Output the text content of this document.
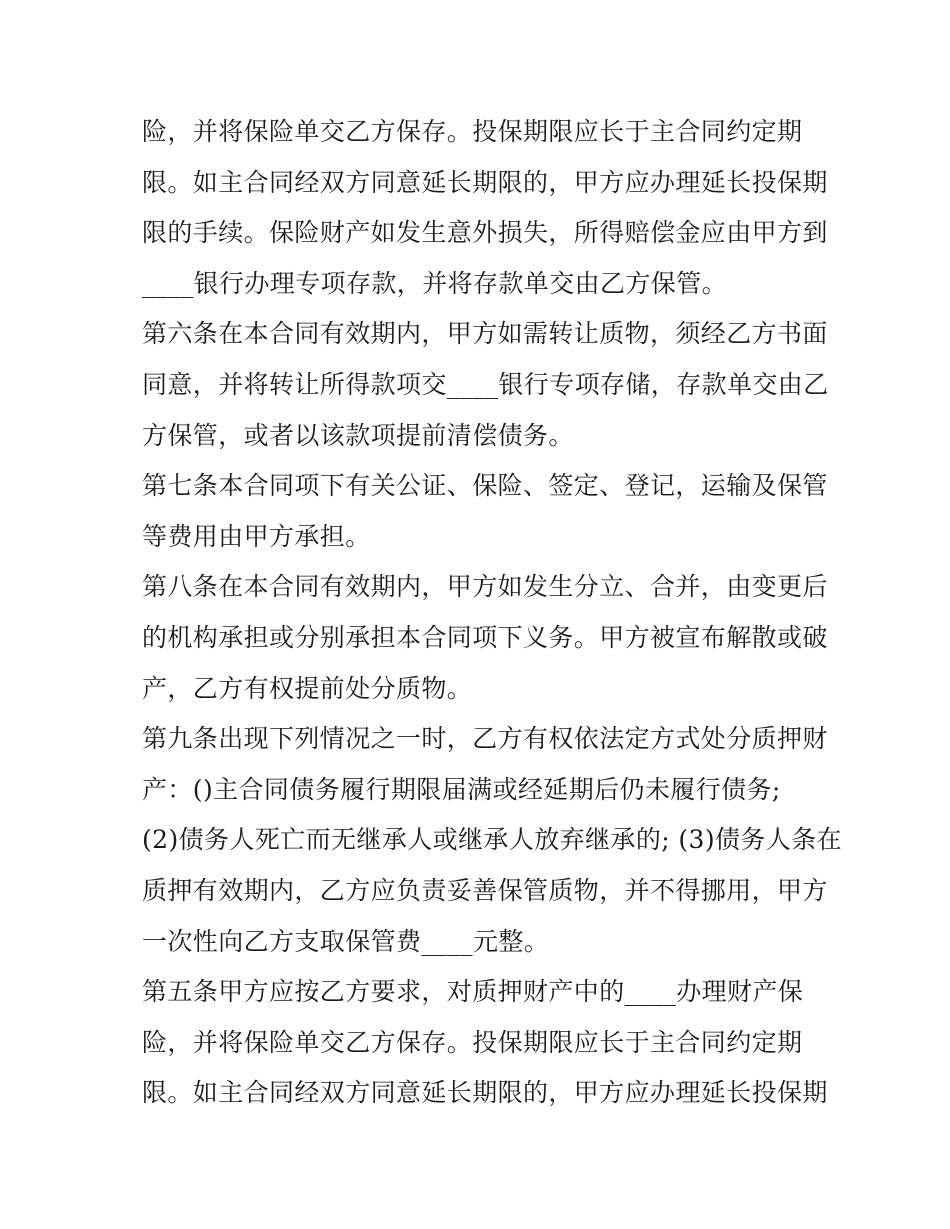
险，并将保险单交乙方保存。投保期限应长于主合同约定期
限。如主合同经双方同意延长期限的，甲方应办理延长投保期
限的手续。保险财产如发生意外损失，所得赔偿金应由甲方到
____银行办理专项存款，并将存款单交由乙方保管。
第六条在本合同有效期内，甲方如需转让质物，须经乙方书面
同意，并将转让所得款项交____银行专项存储，存款单交由乙
方保管，或者以该款项提前清偿债务。
第七条本合同项下有关公证、保险、签定、登记，运输及保管
等费用由甲方承担。
第八条在本合同有效期内，甲方如发生分立、合并，由变更后
的机构承担或分别承担本合同项下义务。甲方被宣布解散或破
产，乙方有权提前处分质物。
第九条出现下列情况之一时，乙方有权依法定方式处分质押财
产：()主合同债务履行期限届满或经延期后仍未履行债务;
(2)债务人死亡而无继承人或继承人放弃继承的; (3)债务人条在
质押有效期内，乙方应负责妥善保管质物，并不得挪用，甲方
一次性向乙方支取保管费____元整。
第五条甲方应按乙方要求，对质押财产中的____办理财产保
险，并将保险单交乙方保存。投保期限应长于主合同约定期
限。如主合同经双方同意延长期限的，甲方应办理延长投保期
